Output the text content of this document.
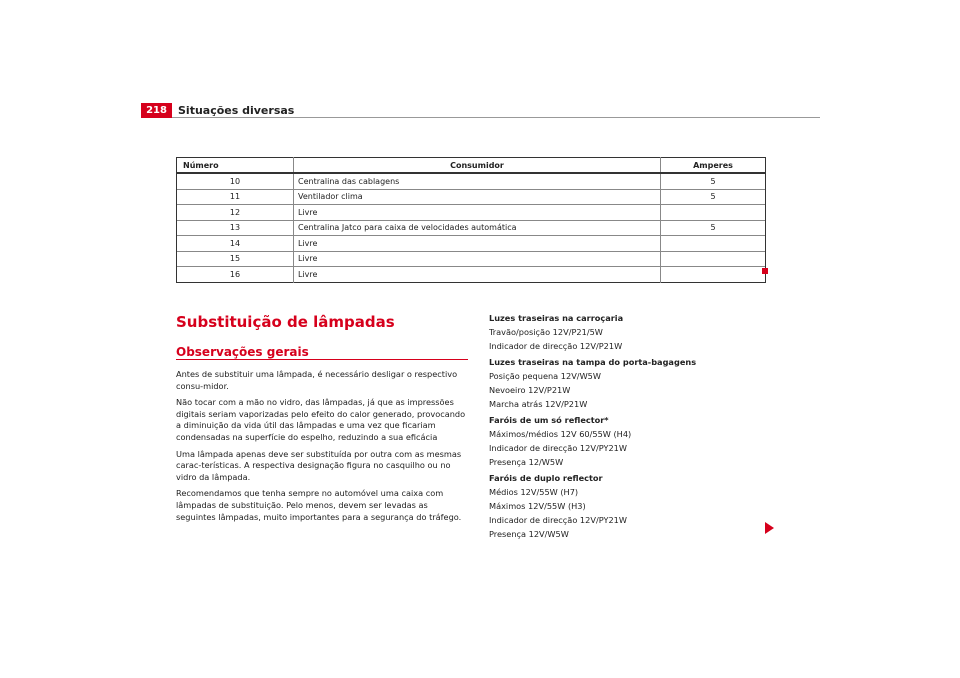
218	Situações diversas
Número	Consumidor	Amperes
10	Centralina das cablagens	5
11	Ventilador clima	5
12	Livre	
13	Centralina Jatco para caixa de velocidades automática	5
14	Livre	
15	Livre	
16	Livre	
Substituição de lâmpadas
Observações gerais

Antes de substituir uma lâmpada, é necessário desligar o respectivo consu-midor.

Não tocar com a mão no vidro, das lâmpadas, já que as impressões digitais seriam vaporizadas pelo efeito do calor generado, provocando a diminuição da vida útil das lâmpadas e uma vez que ficariam condensadas na superfície do espelho, reduzindo a sua eficácia

Uma lâmpada apenas deve ser substituída por outra com as mesmas carac-terísticas. A respectiva designação figura no casquilho ou no vidro da lâmpada.

Recomendamos que tenha sempre no automóvel uma caixa com lâmpadas de substituição. Pelo menos, devem ser levadas as seguintes lâmpadas, muito importantes para a segurança do tráfego.

Luzes traseiras na carroçaria
Travão/posição 12V/P21/5W
Indicador de direcção 12V/P21W
Luzes traseiras na tampa do porta-bagagens
Posição pequena 12V/W5W
Nevoeiro 12V/P21W
Marcha atrás 12V/P21W
Faróis de um só reflector*
Máximos/médios 12V 60/55W (H4)
Indicador de direcção 12V/PY21W
Presença 12/W5W
Faróis de duplo reflector
Médios 12V/55W (H7)
Máximos 12V/55W (H3)
Indicador de direcção 12V/PY21W
Presença 12V/W5W
